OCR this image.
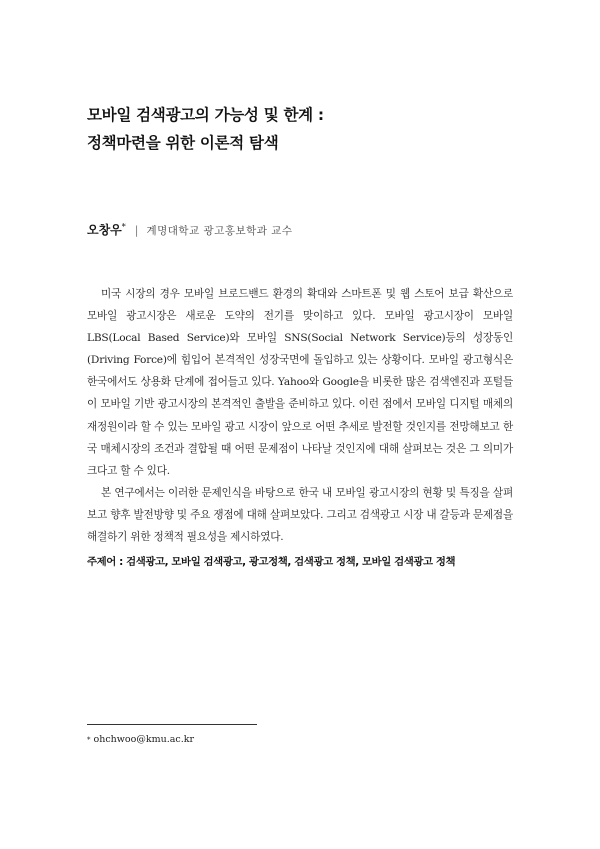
모바일 검색광고의 가능성 및 한계 :
정책마련을 위한 이론적 탐색
오창우* | 계명대학교 광고홍보학과 교수

미국 시장의 경우 모바일 브로드밴드 환경의 확대와 스마트폰 및 웹 스토어 보급 확산으로 모바일 광고시장은 새로운 도약의 전기를 맞이하고 있다. 모바일 광고시장이 모바일 LBS(Local Based Service)와 모바일 SNS(Social Network Service)등의 성장동인(Driving Force)에 힘입어 본격적인 성장국면에 돌입하고 있는 상황이다. 모바일 광고형식은 한국에서도 상용화 단계에 접어들고 있다. Yahoo와 Google을 비롯한 많은 검색엔진과 포털들이 모바일 기반 광고시장의 본격적인 출발을 준비하고 있다. 이런 점에서 모바일 디지털 매체의 재정원이라 할 수 있는 모바일 광고 시장이 앞으로 어떤 추세로 발전할 것인지를 전망해보고 한국 매체시장의 조건과 결합될 때 어떤 문제점이 나타날 것인지에 대해 살펴보는 것은 그 의미가 크다고 할 수 있다.

본 연구에서는 이러한 문제인식을 바탕으로 한국 내 모바일 광고시장의 현황 및 특징을 살펴보고 향후 발전방향 및 주요 쟁점에 대해 살펴보았다. 그리고 검색광고 시장 내 갈등과 문제점을 해결하기 위한 정책적 필요성을 제시하였다.

주제어 : 검색광고, 모바일 검색광고, 광고정책, 검색광고 정책, 모바일 검색광고 정책
* ohchwoo@kmu.ac.kr
